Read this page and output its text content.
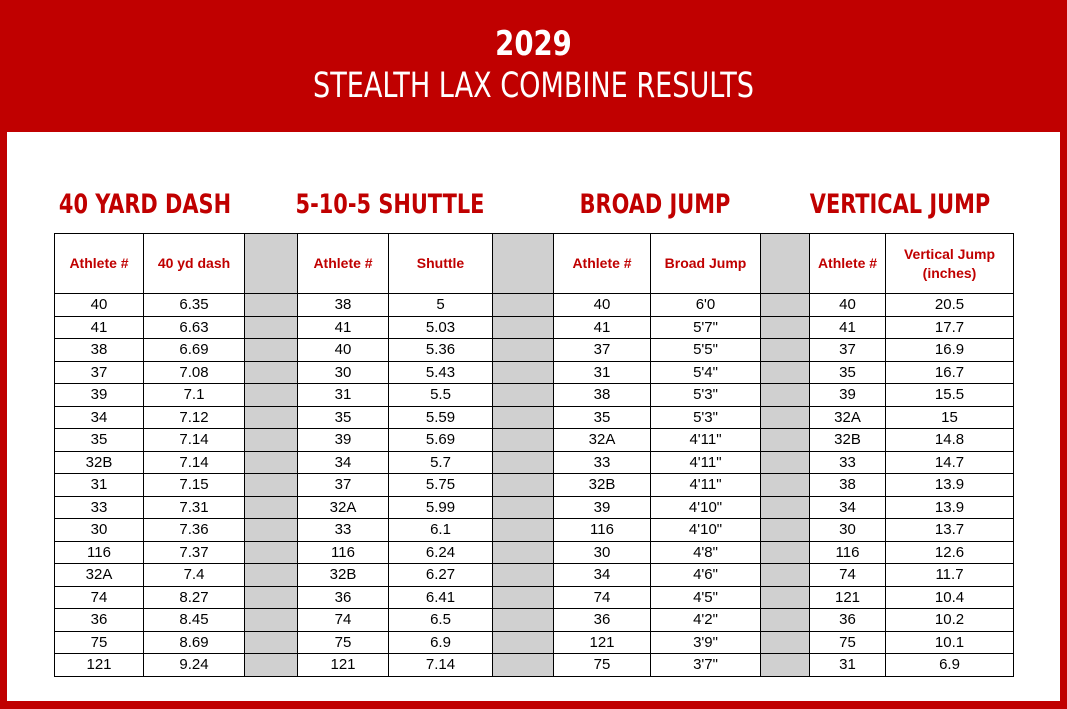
2029
STEALTH LAX COMBINE RESULTS
40 YARD DASH 5-10-5 SHUTTLE	BROAD JUMP	VERTICAL JUMP
Athlete #	40 yd dash		Athlete #	Shuttle		Athlete #	Broad Jump		Athlete #	Vertical Jump
(inches)
40	6.35		38	5		40	6'0		40	20.5
41	6.63		41	5.03		41	5'7"		41	17.7
38	6.69		40	5.36		37	5'5"		37	16.9
37	7.08		30	5.43		31	5'4"		35	16.7
39	7.1		31	5.5		38	5'3"		39	15.5
34	7.12		35	5.59		35	5'3"		32A	15
35	7.14		39	5.69		32A	4'11"		32B	14.8
32B	7.14		34	5.7		33	4'11"		33	14.7
31	7.15		37	5.75		32B	4'11"		38	13.9
33	7.31		32A	5.99		39	4'10"		34	13.9
30	7.36		33	6.1		116	4'10"		30	13.7
116	7.37		116	6.24		30	4'8"		116	12.6
32A	7.4		32B	6.27		34	4'6"		74	11.7
74	8.27		36	6.41		74	4'5"		121	10.4
36	8.45		74	6.5		36	4'2"		36	10.2
75	8.69		75	6.9		121	3'9"		75	10.1
121	9.24		121	7.14		75	3'7"		31	6.9
